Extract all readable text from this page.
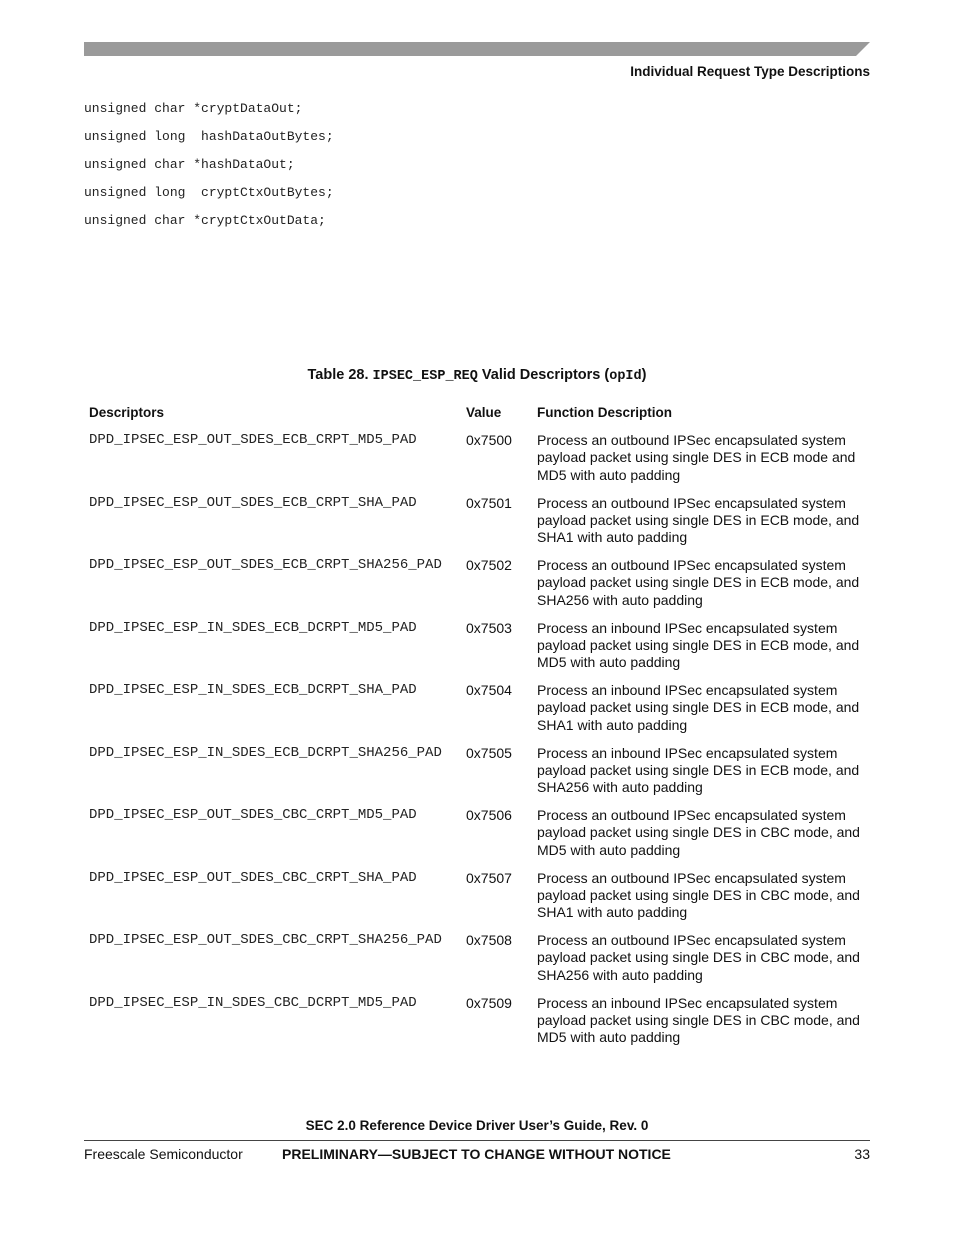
Individual Request Type Descriptions
unsigned char *cryptDataOut;
unsigned long  hashDataOutBytes;
unsigned char *hashDataOut;
unsigned long  cryptCtxOutBytes;
unsigned char *cryptCtxOutData;
Table 28. IPSEC_ESP_REQ Valid Descriptors (opId)
Descriptors	Value	Function Description
DPD_IPSEC_ESP_OUT_SDES_ECB_CRPT_MD5_PAD	0x7500	Process an outbound IPSec encapsulated system payload packet using single DES in ECB mode and MD5 with auto padding
DPD_IPSEC_ESP_OUT_SDES_ECB_CRPT_SHA_PAD	0x7501	Process an outbound IPSec encapsulated system payload packet using single DES in ECB mode, and SHA1 with auto padding
DPD_IPSEC_ESP_OUT_SDES_ECB_CRPT_SHA256_PAD	0x7502	Process an outbound IPSec encapsulated system payload packet using single DES in ECB mode, and SHA256 with auto padding
DPD_IPSEC_ESP_IN_SDES_ECB_DCRPT_MD5_PAD	0x7503	Process an inbound IPSec encapsulated system payload packet using single DES in ECB mode, and MD5 with auto padding
DPD_IPSEC_ESP_IN_SDES_ECB_DCRPT_SHA_PAD	0x7504	Process an inbound IPSec encapsulated system payload packet using single DES in ECB mode, and SHA1 with auto padding
DPD_IPSEC_ESP_IN_SDES_ECB_DCRPT_SHA256_PAD	0x7505	Process an inbound IPSec encapsulated system payload packet using single DES in ECB mode, and SHA256 with auto padding
DPD_IPSEC_ESP_OUT_SDES_CBC_CRPT_MD5_PAD	0x7506	Process an outbound IPSec encapsulated system payload packet using single DES in CBC mode, and MD5 with auto padding
DPD_IPSEC_ESP_OUT_SDES_CBC_CRPT_SHA_PAD	0x7507	Process an outbound IPSec encapsulated system payload packet using single DES in CBC mode, and SHA1 with auto padding
DPD_IPSEC_ESP_OUT_SDES_CBC_CRPT_SHA256_PAD	0x7508	Process an outbound IPSec encapsulated system payload packet using single DES in CBC mode, and SHA256 with auto padding
DPD_IPSEC_ESP_IN_SDES_CBC_DCRPT_MD5_PAD	0x7509	Process an inbound IPSec encapsulated system payload packet using single DES in CBC mode, and MD5 with auto padding
SEC 2.0 Reference Device Driver User’s Guide, Rev. 0
Freescale Semiconductor	PRELIMINARY—SUBJECT TO CHANGE WITHOUT NOTICE	33
